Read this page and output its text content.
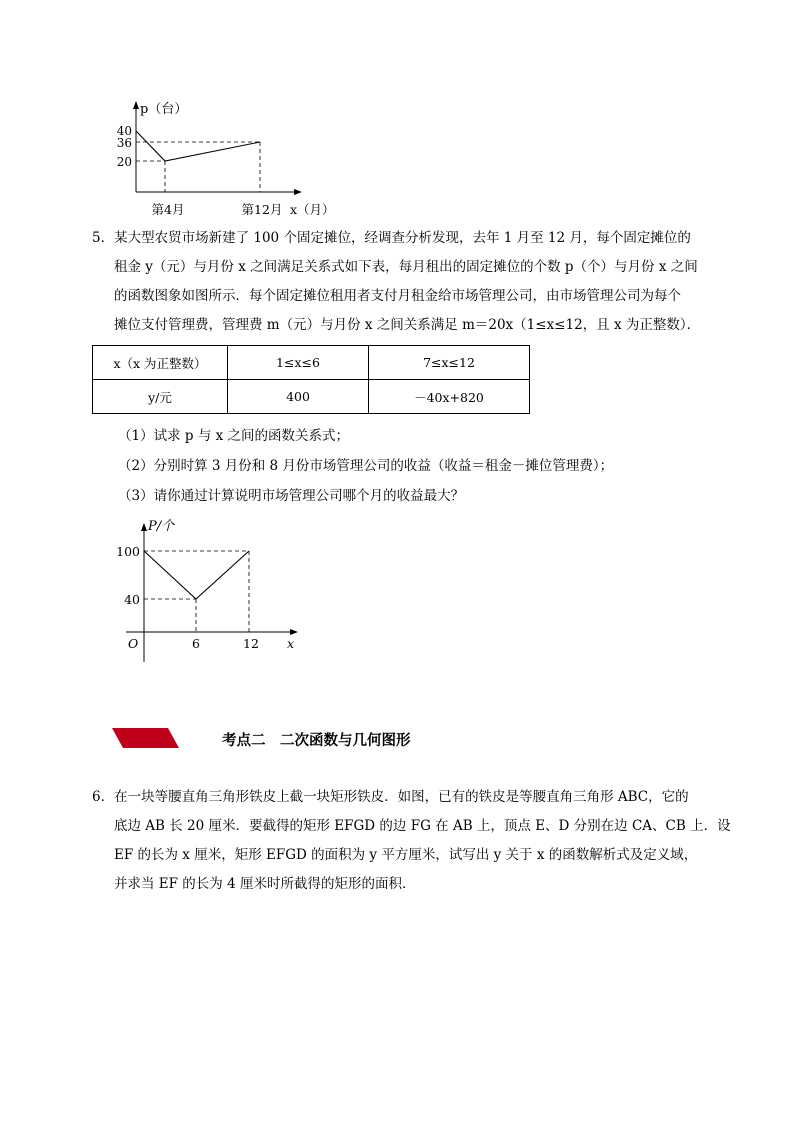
p（台）
40
36
20
第4月	第12月 x（月）
5．某大型农贸市场新建了 100 个固定摊位，经调查分析发现，去年 1 月至 12 月，每个固定摊位的
租金 y（元）与月份 x 之间满足关系式如下表，每月租出的固定摊位的个数 p（个）与月份 x 之间
的函数图象如图所示．每个固定摊位租用者支付月租金给市场管理公司，由市场管理公司为每个
摊位支付管理费，管理费 m（元）与月份 x 之间关系满足 m＝20x（1≤x≤12，且 x 为正整数）．
x（x 为正整数）	1≤x≤6	7≤x≤12
y/元	400	－40x+820
（1）试求 p 与 x 之间的函数关系式；
（2）分别时算 3 月份和 8 月份市场管理公司的收益（收益＝租金－摊位管理费）；
（3）请你通过计算说明市场管理公司哪个月的收益最大？
P/个
100
40
O	6	12 x
考点二　二次函数与几何图形
6．在一块等腰直角三角形铁皮上截一块矩形铁皮．如图，已有的铁皮是等腰直角三角形 ABC，它的
底边 AB 长 20 厘米．要截得的矩形 EFGD 的边 FG 在 AB 上，顶点 E、D 分别在边 CA、CB 上．设
EF 的长为 x 厘米，矩形 EFGD 的面积为 y 平方厘米，试写出 y 关于 x 的函数解析式及定义域，
并求当 EF 的长为 4 厘米时所截得的矩形的面积．
